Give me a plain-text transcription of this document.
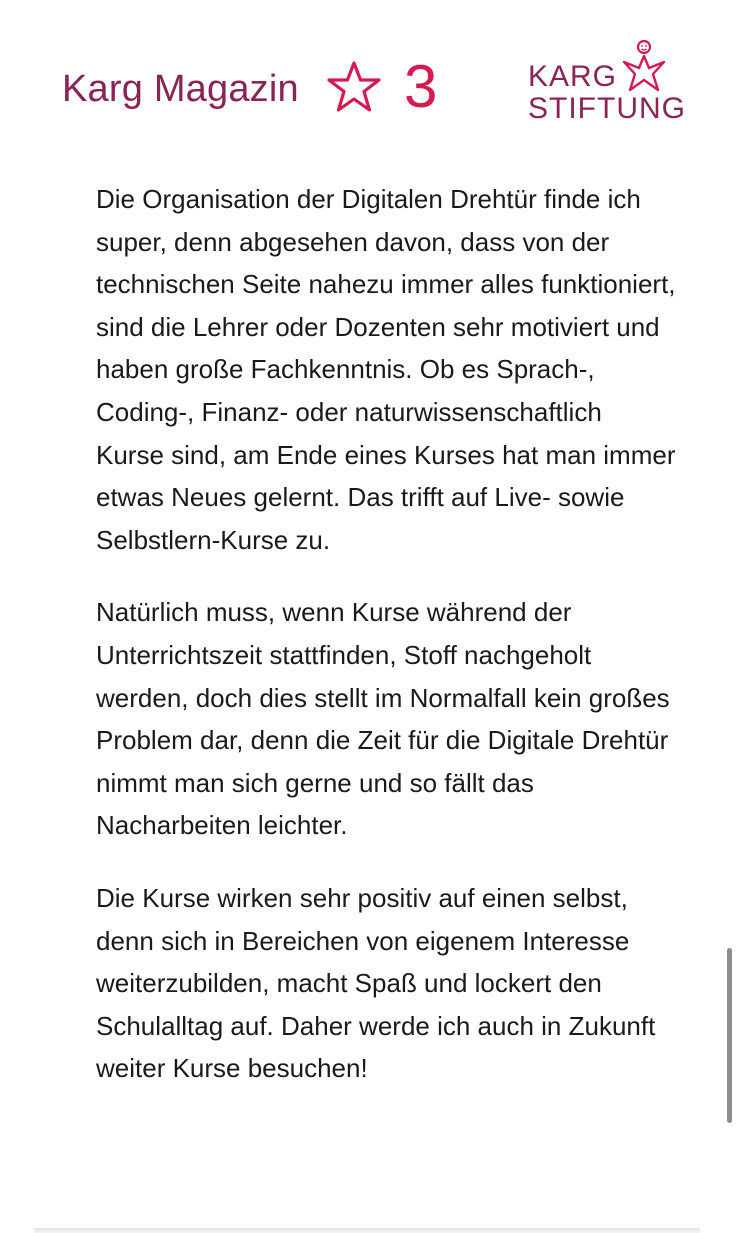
Karg Magazin 3	KARG
STIFTUNG

Die Organisation der Digitalen Drehtür finde ich super, denn abgesehen davon, dass von der technischen Seite nahezu immer alles funktioniert, sind die Lehrer oder Dozenten sehr motiviert und haben große Fachkenntnis. Ob es Sprach-, Coding-, Finanz- oder naturwissenschaftlich Kurse sind, am Ende eines Kurses hat man immer etwas Neues gelernt. Das trifft auf Live- sowie Selbstlern-Kurse zu.

Natürlich muss, wenn Kurse während der Unterrichtszeit stattfinden, Stoff nachgeholt werden, doch dies stellt im Normalfall kein großes Problem dar, denn die Zeit für die Digitale Drehtür nimmt man sich gerne und so fällt das Nacharbeiten leichter.

Die Kurse wirken sehr positiv auf einen selbst, denn sich in Bereichen von eigenem Interesse weiterzubilden, macht Spaß und lockert den Schulalltag auf. Daher werde ich auch in Zukunft weiter Kurse besuchen!
